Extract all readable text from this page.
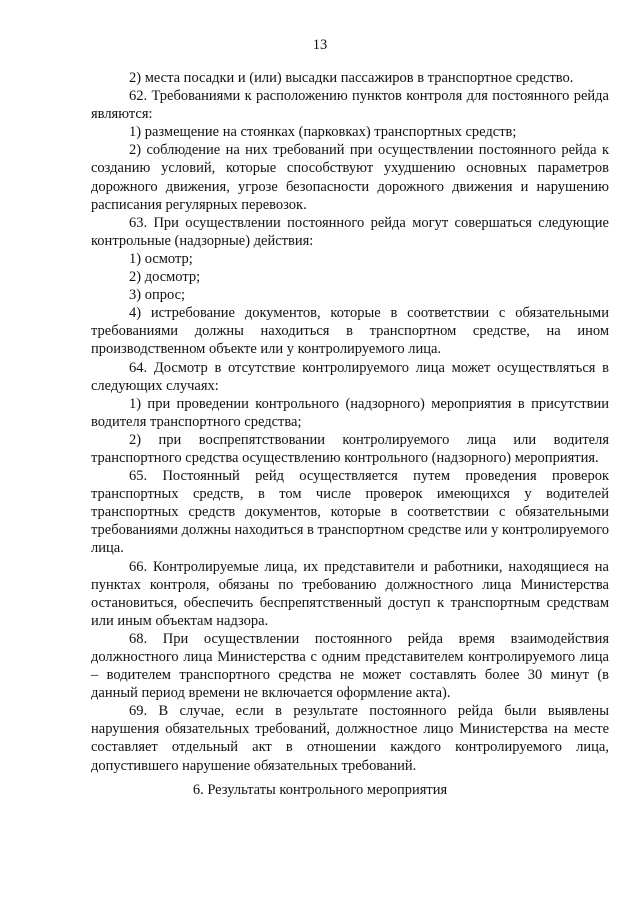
13

2) места посадки и (или) высадки пассажиров в транспортное средство.

62. Требованиями к расположению пунктов контроля для постоянного рейда являются:

1) размещение на стоянках (парковках) транспортных средств;

2) соблюдение на них требований при осуществлении постоянного рейда к созданию условий, которые способствуют ухудшению основных параметров дорожного движения, угрозе безопасности дорожного движения и нарушению расписания регулярных перевозок.

63. При осуществлении постоянного рейда могут совершаться следующие контрольные (надзорные) действия:

1) осмотр;

2) досмотр;

3) опрос;

4) истребование документов, которые в соответствии с обязательными требованиями должны находиться в транспортном средстве, на ином производственном объекте или у контролируемого лица.

64. Досмотр в отсутствие контролируемого лица может осуществляться в следующих случаях:

1) при проведении контрольного (надзорного) мероприятия в присутствии водителя транспортного средства;

2) при воспрепятствовании контролируемого лица или водителя транспортного средства осуществлению контрольного (надзорного) мероприятия.

65. Постоянный рейд осуществляется путем проведения проверок транспортных средств, в том числе проверок имеющихся у водителей транспортных средств документов, которые в соответствии с обязательными требованиями должны находиться в транспортном средстве или у контролируемого лица.

66. Контролируемые лица, их представители и работники, находящиеся на пунктах контроля, обязаны по требованию должностного лица Министерства остановиться, обеспечить беспрепятственный доступ к транспортным средствам или иным объектам надзора.

68. При осуществлении постоянного рейда время взаимодействия должностного лица Министерства с одним представителем контролируемого лица – водителем транспортного средства не может составлять более 30 минут (в данный период времени не включается оформление акта).

69. В случае, если в результате постоянного рейда были выявлены нарушения обязательных требований, должностное лицо Министерства на месте составляет отдельный акт в отношении каждого контролируемого лица, допустившего нарушение обязательных требований.

6. Результаты контрольного мероприятия
